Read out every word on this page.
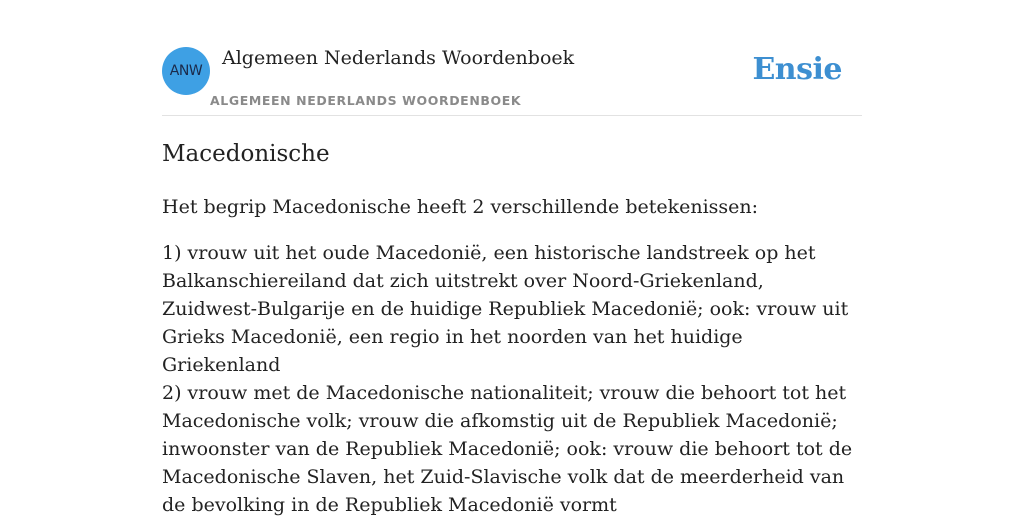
ANW
Algemeen Nederlands Woordenboek
ALGEMEEN NEDERLANDS WOORDENBOEK
Ensie
Macedonische

Het begrip Macedonische heeft 2 verschillende betekenissen:

1) vrouw uit het oude Macedonië, een historische landstreek op het Balkanschiereiland dat zich uitstrekt over Noord-Griekenland, Zuidwest-Bulgarije en de huidige Republiek Macedonië; ook: vrouw uit Grieks Macedonië, een regio in het noorden van het huidige Griekenland

2) vrouw met de Macedonische nationaliteit; vrouw die behoort tot het Macedonische volk; vrouw die afkomstig uit de Republiek Macedonië; inwoonster van de Republiek Macedonië; ook: vrouw die behoort tot de Macedonische Slaven, het Zuid-Slavische volk dat de meerderheid van de bevolking in de Republiek Macedonië vormt
